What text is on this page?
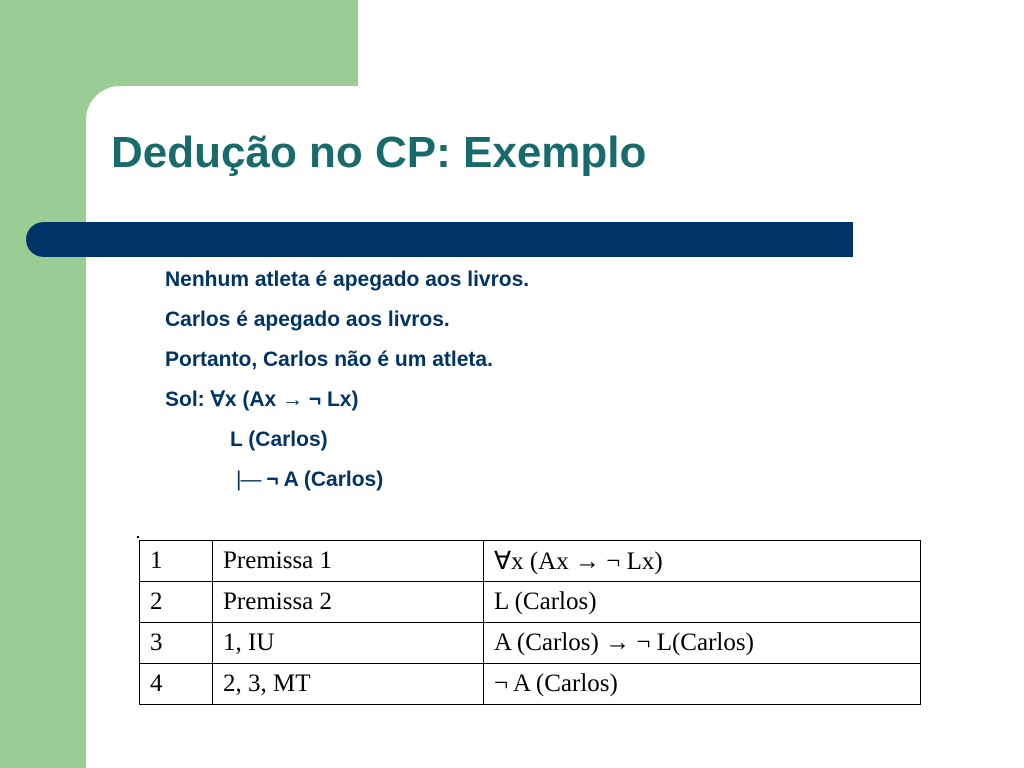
Dedução no CP: Exemplo
Nenhum atleta é apegado aos livros.
Carlos é apegado aos livros.
Portanto, Carlos não é um atleta.
Sol: ∀x (Ax → ¬ Lx)
L (Carlos)
|— ¬ A (Carlos)
1	Premissa 1	∀x (Ax → ¬ Lx)
2	Premissa 2	L (Carlos)
3	1, IU	A (Carlos) → ¬ L(Carlos)
4	2, 3, MT	¬ A (Carlos)
